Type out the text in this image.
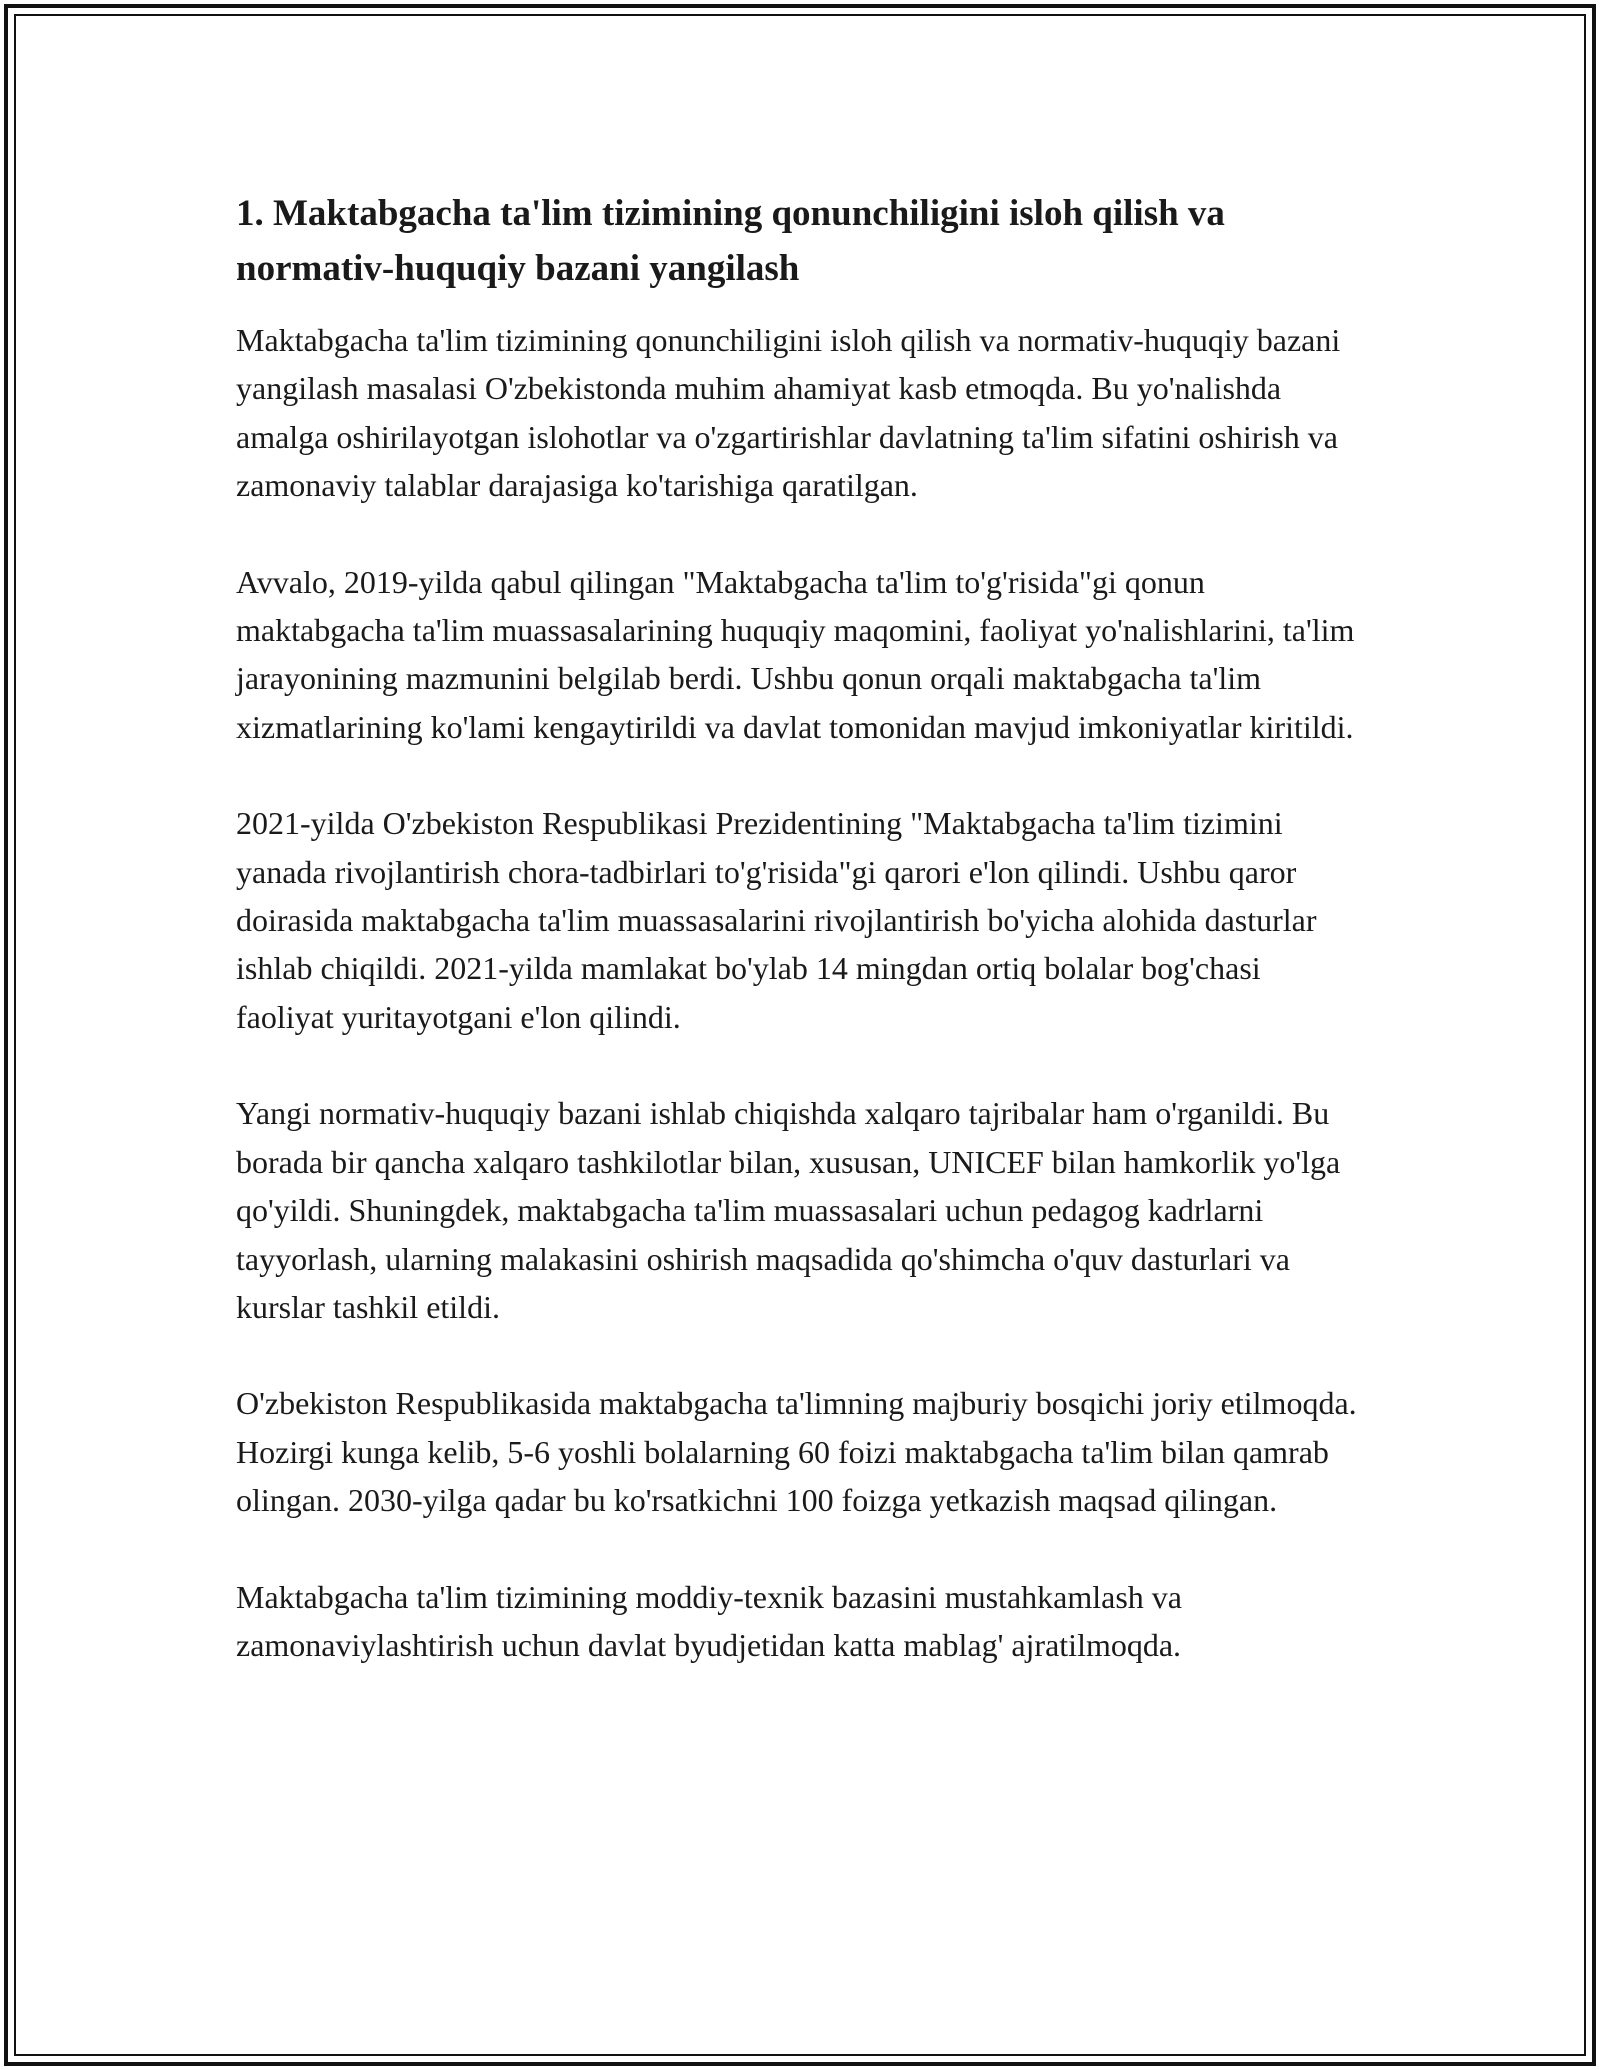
1. Maktabgacha ta'lim tizimining qonunchiligini isloh qilish va normativ-huquqiy bazani yangilash

Maktabgacha ta'lim tizimining qonunchiligini isloh qilish va normativ-huquqiy bazani yangilash masalasi O'zbekistonda muhim ahamiyat kasb etmoqda. Bu yo'nalishda amalga oshirilayotgan islohotlar va o'zgartirishlar davlatning ta'lim sifatini oshirish va zamonaviy talablar darajasiga ko'tarishiga qaratilgan.

Avvalo, 2019-yilda qabul qilingan "Maktabgacha ta'lim to'g'risida"gi qonun maktabgacha ta'lim muassasalarining huquqiy maqomini, faoliyat yo'nalishlarini, ta'lim jarayonining mazmunini belgilab berdi. Ushbu qonun orqali maktabgacha ta'lim xizmatlarining ko'lami kengaytirildi va davlat tomonidan mavjud imkoniyatlar kiritildi.

2021-yilda O'zbekiston Respublikasi Prezidentining "Maktabgacha ta'lim tizimini yanada rivojlantirish chora-tadbirlari to'g'risida"gi qarori e'lon qilindi. Ushbu qaror doirasida maktabgacha ta'lim muassasalarini rivojlantirish bo'yicha alohida dasturlar ishlab chiqildi. 2021-yilda mamlakat bo'ylab 14 mingdan ortiq bolalar bog'chasi faoliyat yuritayotgani e'lon qilindi.

Yangi normativ-huquqiy bazani ishlab chiqishda xalqaro tajribalar ham o'rganildi. Bu borada bir qancha xalqaro tashkilotlar bilan, xususan, UNICEF bilan hamkorlik yo'lga qo'yildi. Shuningdek, maktabgacha ta'lim muassasalari uchun pedagog kadrlarni tayyorlash, ularning malakasini oshirish maqsadida qo'shimcha o'quv dasturlari va kurslar tashkil etildi.

O'zbekiston Respublikasida maktabgacha ta'limning majburiy bosqichi joriy etilmoqda. Hozirgi kunga kelib, 5-6 yoshli bolalarning 60 foizi maktabgacha ta'lim bilan qamrab olingan. 2030-yilga qadar bu ko'rsatkichni 100 foizga yetkazish maqsad qilingan.

Maktabgacha ta'lim tizimining moddiy-texnik bazasini mustahkamlash va zamonaviylashtirish uchun davlat byudjetidan katta mablag' ajratilmoqda.
